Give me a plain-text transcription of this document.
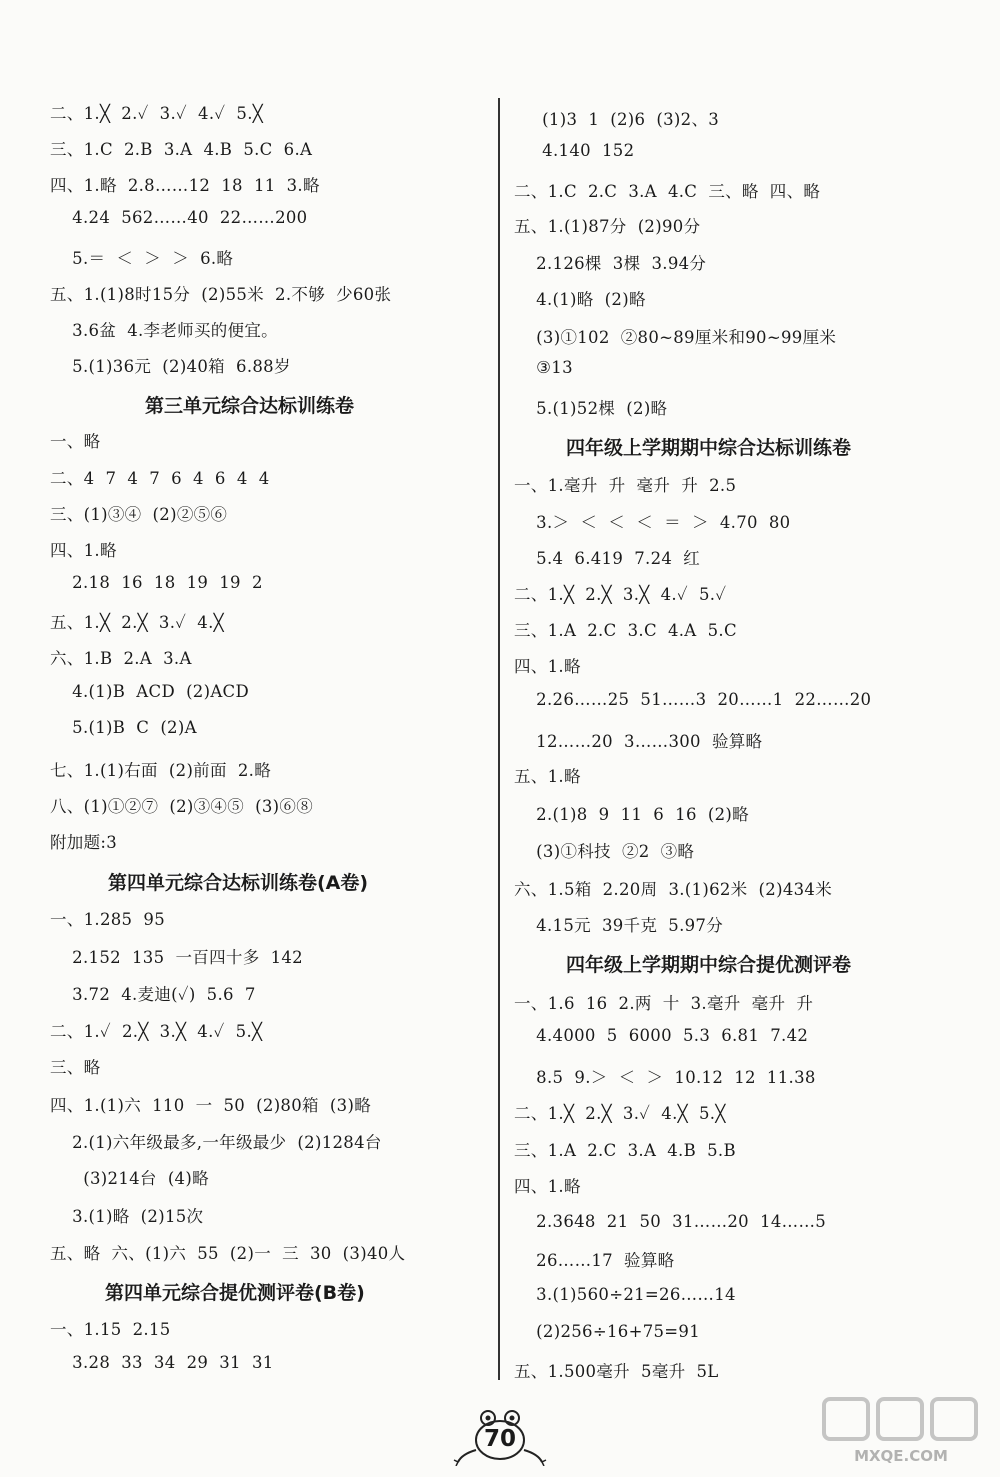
二、1.╳  2.✓  3.✓  4.✓  5.╳
三、1.C  2.B  3.A  4.B  5.C  6.A
四、1.略  2.8……12  18  11  3.略
4.24  562……40  22……200
5.＝  ＜  ＞  ＞  6.略
五、1.(1)8时15分  (2)55米  2.不够  少60张
3.6盆  4.李老师买的便宜。
5.(1)36元  (2)40箱  6.88岁
第三单元综合达标训练卷
一、略
二、4  7  4  7  6  4  6  4  4
三、(1)③④  (2)②⑤⑥
四、1.略
2.18  16  18  19  19  2
五、1.╳  2.╳  3.✓  4.╳
六、1.B  2.A  3.A
4.(1)B  ACD  (2)ACD
5.(1)B  C  (2)A
七、1.(1)右面  (2)前面  2.略
八、(1)①②⑦  (2)③④⑤  (3)⑥⑧
附加题:3
第四单元综合达标训练卷(A卷)
一、1.285  95
2.152  135  一百四十多  142
3.72  4.麦迪(✓)  5.6  7
二、1.✓  2.╳  3.╳  4.✓  5.╳
三、略
四、1.(1)六  110  一  50  (2)80箱  (3)略
2.(1)六年级最多,一年级最少  (2)1284台
(3)214台  (4)略
3.(1)略  (2)15次
五、略  六、(1)六  55  (2)一  三  30  (3)40人
第四单元综合提优测评卷(B卷)
一、1.15  2.15
3.28  33  34  29  31  31
(1)3  1  (2)6  (3)2、3
4.140  152
二、1.C  2.C  3.A  4.C  三、略  四、略
五、1.(1)87分  (2)90分
2.126棵  3棵  3.94分
4.(1)略  (2)略
(3)①102  ②80~89厘米和90~99厘米
③13
5.(1)52棵  (2)略
四年级上学期期中综合达标训练卷
一、1.毫升  升  毫升  升  2.5
3.＞  ＜  ＜  ＜  ＝  ＞  4.70  80
5.4  6.419  7.24  红
二、1.╳  2.╳  3.╳  4.✓  5.✓
三、1.A  2.C  3.C  4.A  5.C
四、1.略
2.26……25  51……3  20……1  22……20
12……20  3……300  验算略
五、1.略
2.(1)8  9  11  6  16  (2)略
(3)①科技  ②2  ③略
六、1.5箱  2.20周  3.(1)62米  (2)434米
4.15元  39千克  5.97分
四年级上学期期中综合提优测评卷
一、1.6  16  2.两  十  3.毫升  毫升  升
4.4000  5  6000  5.3  6.81  7.42
8.5  9.＞  ＜  ＞  10.12  12  11.38
二、1.╳  2.╳  3.✓  4.╳  5.╳
三、1.A  2.C  3.A  4.B  5.B
四、1.略
2.3648  21  50  31……20  14……5
26……17  验算略
3.(1)560÷21=26……14
(2)256÷16+75=91
五、1.500毫升  5毫升  5L
70
MXQE.COM
